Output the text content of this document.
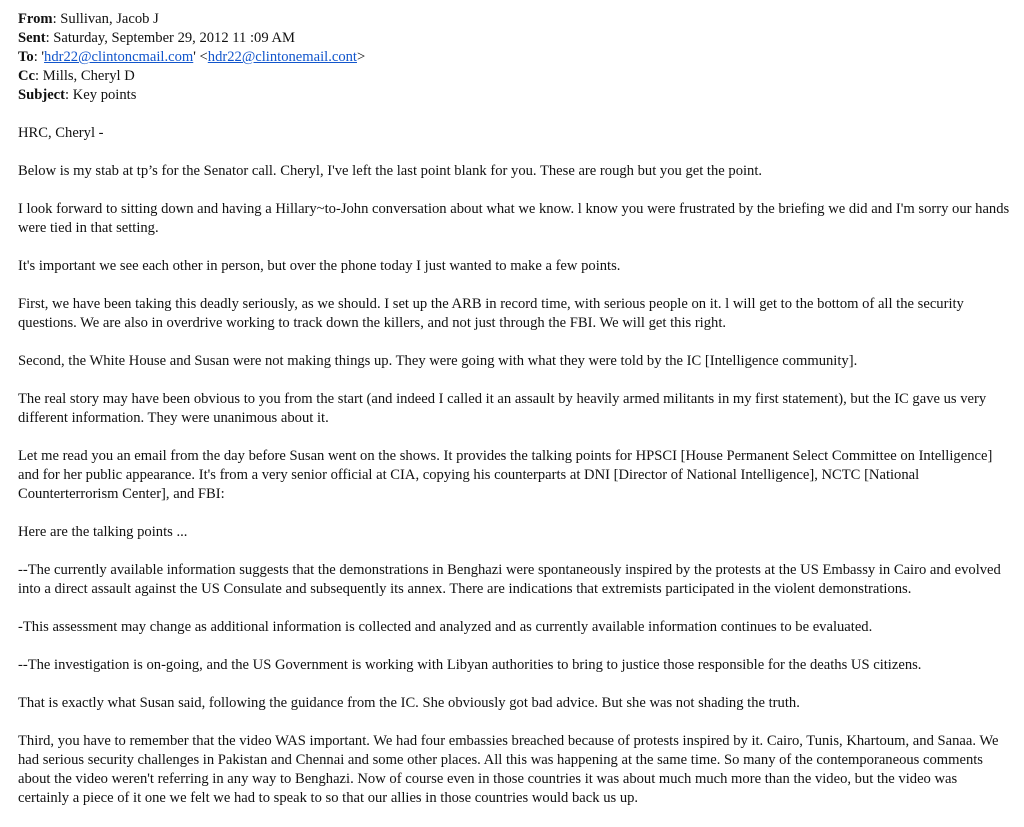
From: Sullivan, Jacob J

Sent: Saturday, September 29, 2012 11 :09 AM

To: 'hdr22@clintoncmail.com' <hdr22@clintonemail.cont>

Cc: Mills, Cheryl D

Subject: Key points

HRC, Cheryl -

Below is my stab at tp’s for the Senator call. Cheryl, I've left the last point blank for you. These are rough but you get the point.

I look forward to sitting down and having a Hillary~to-John conversation about what we know. l know you were frustrated by the briefing we did and I'm sorry our hands were tied in that setting.

It's important we see each other in person, but over the phone today I just wanted to make a few points.

First, we have been taking this deadly seriously, as we should. I set up the ARB in record time, with serious people on it. l will get to the bottom of all the security questions. We are also in overdrive working to track down the killers, and not just through the FBI. We will get this right.

Second, the White House and Susan were not making things up. They were going with what they were told by the IC [Intelligence community].

The real story may have been obvious to you from the start (and indeed I called it an assault by heavily armed militants in my first statement), but the IC gave us very different information. They were unanimous about it.

Let me read you an email from the day before Susan went on the shows. It provides the talking points for HPSCI [House Permanent Select Committee on Intelligence] and for her public appearance. It's from a very senior official at CIA, copying his counterparts at DNI [Director of National Intelligence], NCTC [National Counterterrorism Center], and FBI:

Here are the talking points ...

--The currently available information suggests that the demonstrations in Benghazi were spontaneously inspired by the protests at the US Embassy in Cairo and evolved into a direct assault against the US Consulate and subsequently its annex. There are indications that extremists participated in the violent demonstrations.

-This assessment may change as additional information is collected and analyzed and as currently available information continues to be evaluated.

--The investigation is on-going, and the US Government is working with Libyan authorities to bring to justice those responsible for the deaths US citizens.

That is exactly what Susan said, following the guidance from the IC. She obviously got bad advice. But she was not shading the truth.

Third, you have to remember that the video WAS important. We had four embassies breached because of protests inspired by it. Cairo, Tunis, Khartoum, and Sanaa. We had serious security challenges in Pakistan and Chennai and some other places. All this was happening at the same time. So many of the contemporaneous comments about the video weren't referring in any way to Benghazi. Now of course even in those countries it was about much much more than the video, but the video was certainly a piece of it one we felt we had to speak to so that our allies in those countries would back us up.
